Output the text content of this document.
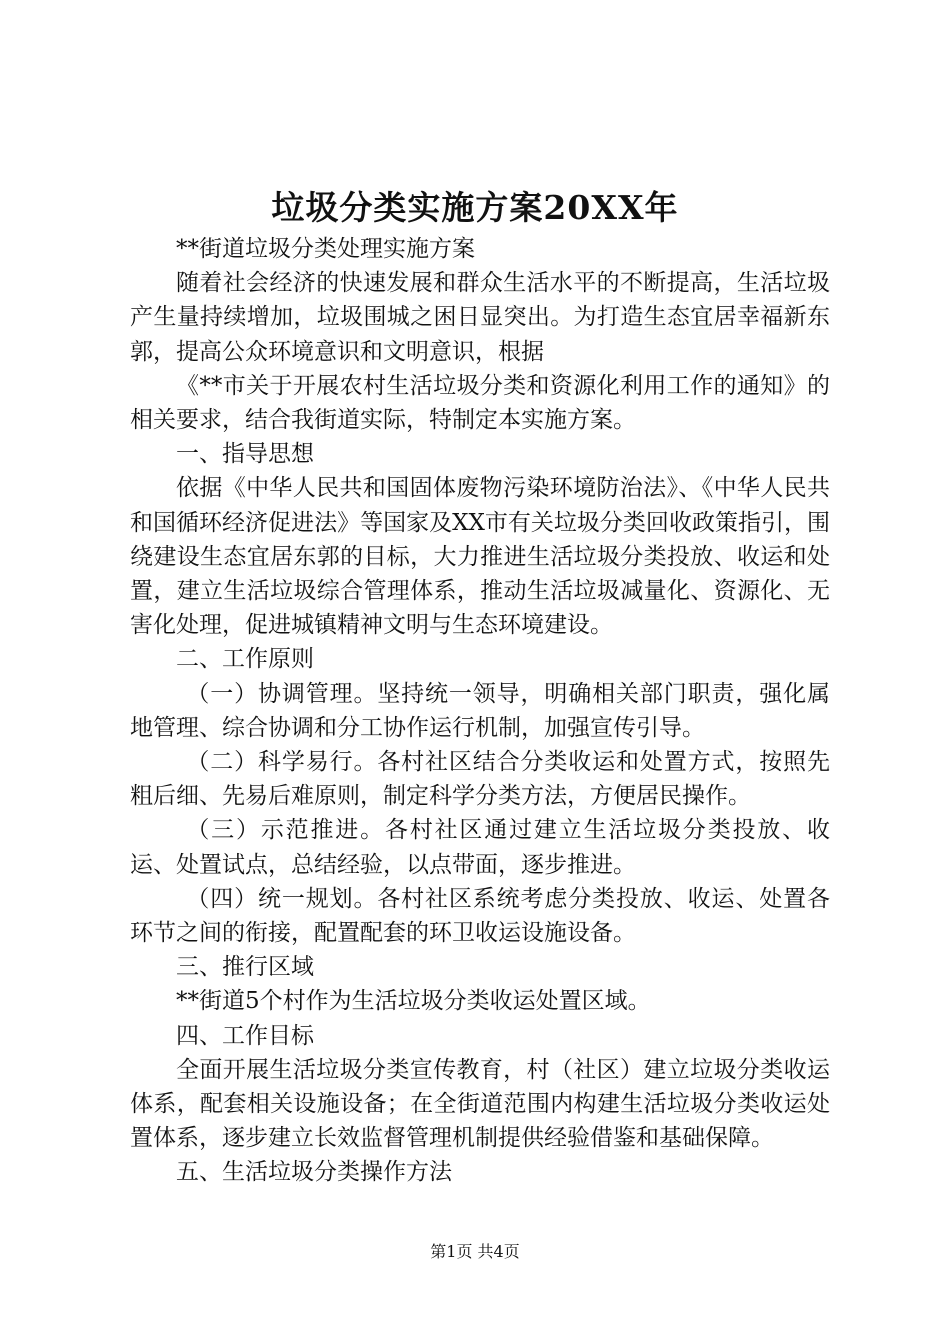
垃圾分类实施方案20XX年

**街道垃圾分类处理实施方案

随着社会经济的快速发展和群众生活水平的不断提高，生活垃圾产生量持续增加，垃圾围城之困日显突出。为打造生态宜居幸福新东郭，提高公众环境意识和文明意识，根据

《**市关于开展农村生活垃圾分类和资源化利用工作的通知》的相关要求，结合我街道实际，特制定本实施方案。

一、指导思想

依据《中华人民共和国固体废物污染环境防治法》、《中华人民共和国循环经济促进法》等国家及XX市有关垃圾分类回收政策指引，围绕建设生态宜居东郭的目标，大力推进生活垃圾分类投放、收运和处置，建立生活垃圾综合管理体系，推动生活垃圾减量化、资源化、无害化处理，促进城镇精神文明与生态环境建设。

二、工作原则

（一）协调管理。坚持统一领导，明确相关部门职责，强化属地管理、综合协调和分工协作运行机制，加强宣传引导。

（二）科学易行。各村社区结合分类收运和处置方式，按照先粗后细、先易后难原则，制定科学分类方法，方便居民操作。

（三）示范推进。各村社区通过建立生活垃圾分类投放、收运、处置试点，总结经验，以点带面，逐步推进。

（四）统一规划。各村社区系统考虑分类投放、收运、处置各环节之间的衔接，配置配套的环卫收运设施设备。

三、推行区域

**街道5个村作为生活垃圾分类收运处置区域。

四、工作目标

全面开展生活垃圾分类宣传教育，村（社区）建立垃圾分类收运体系，配套相关设施设备；在全街道范围内构建生活垃圾分类收运处置体系，逐步建立长效监督管理机制提供经验借鉴和基础保障。

五、生活垃圾分类操作方法

第1页 共4页
